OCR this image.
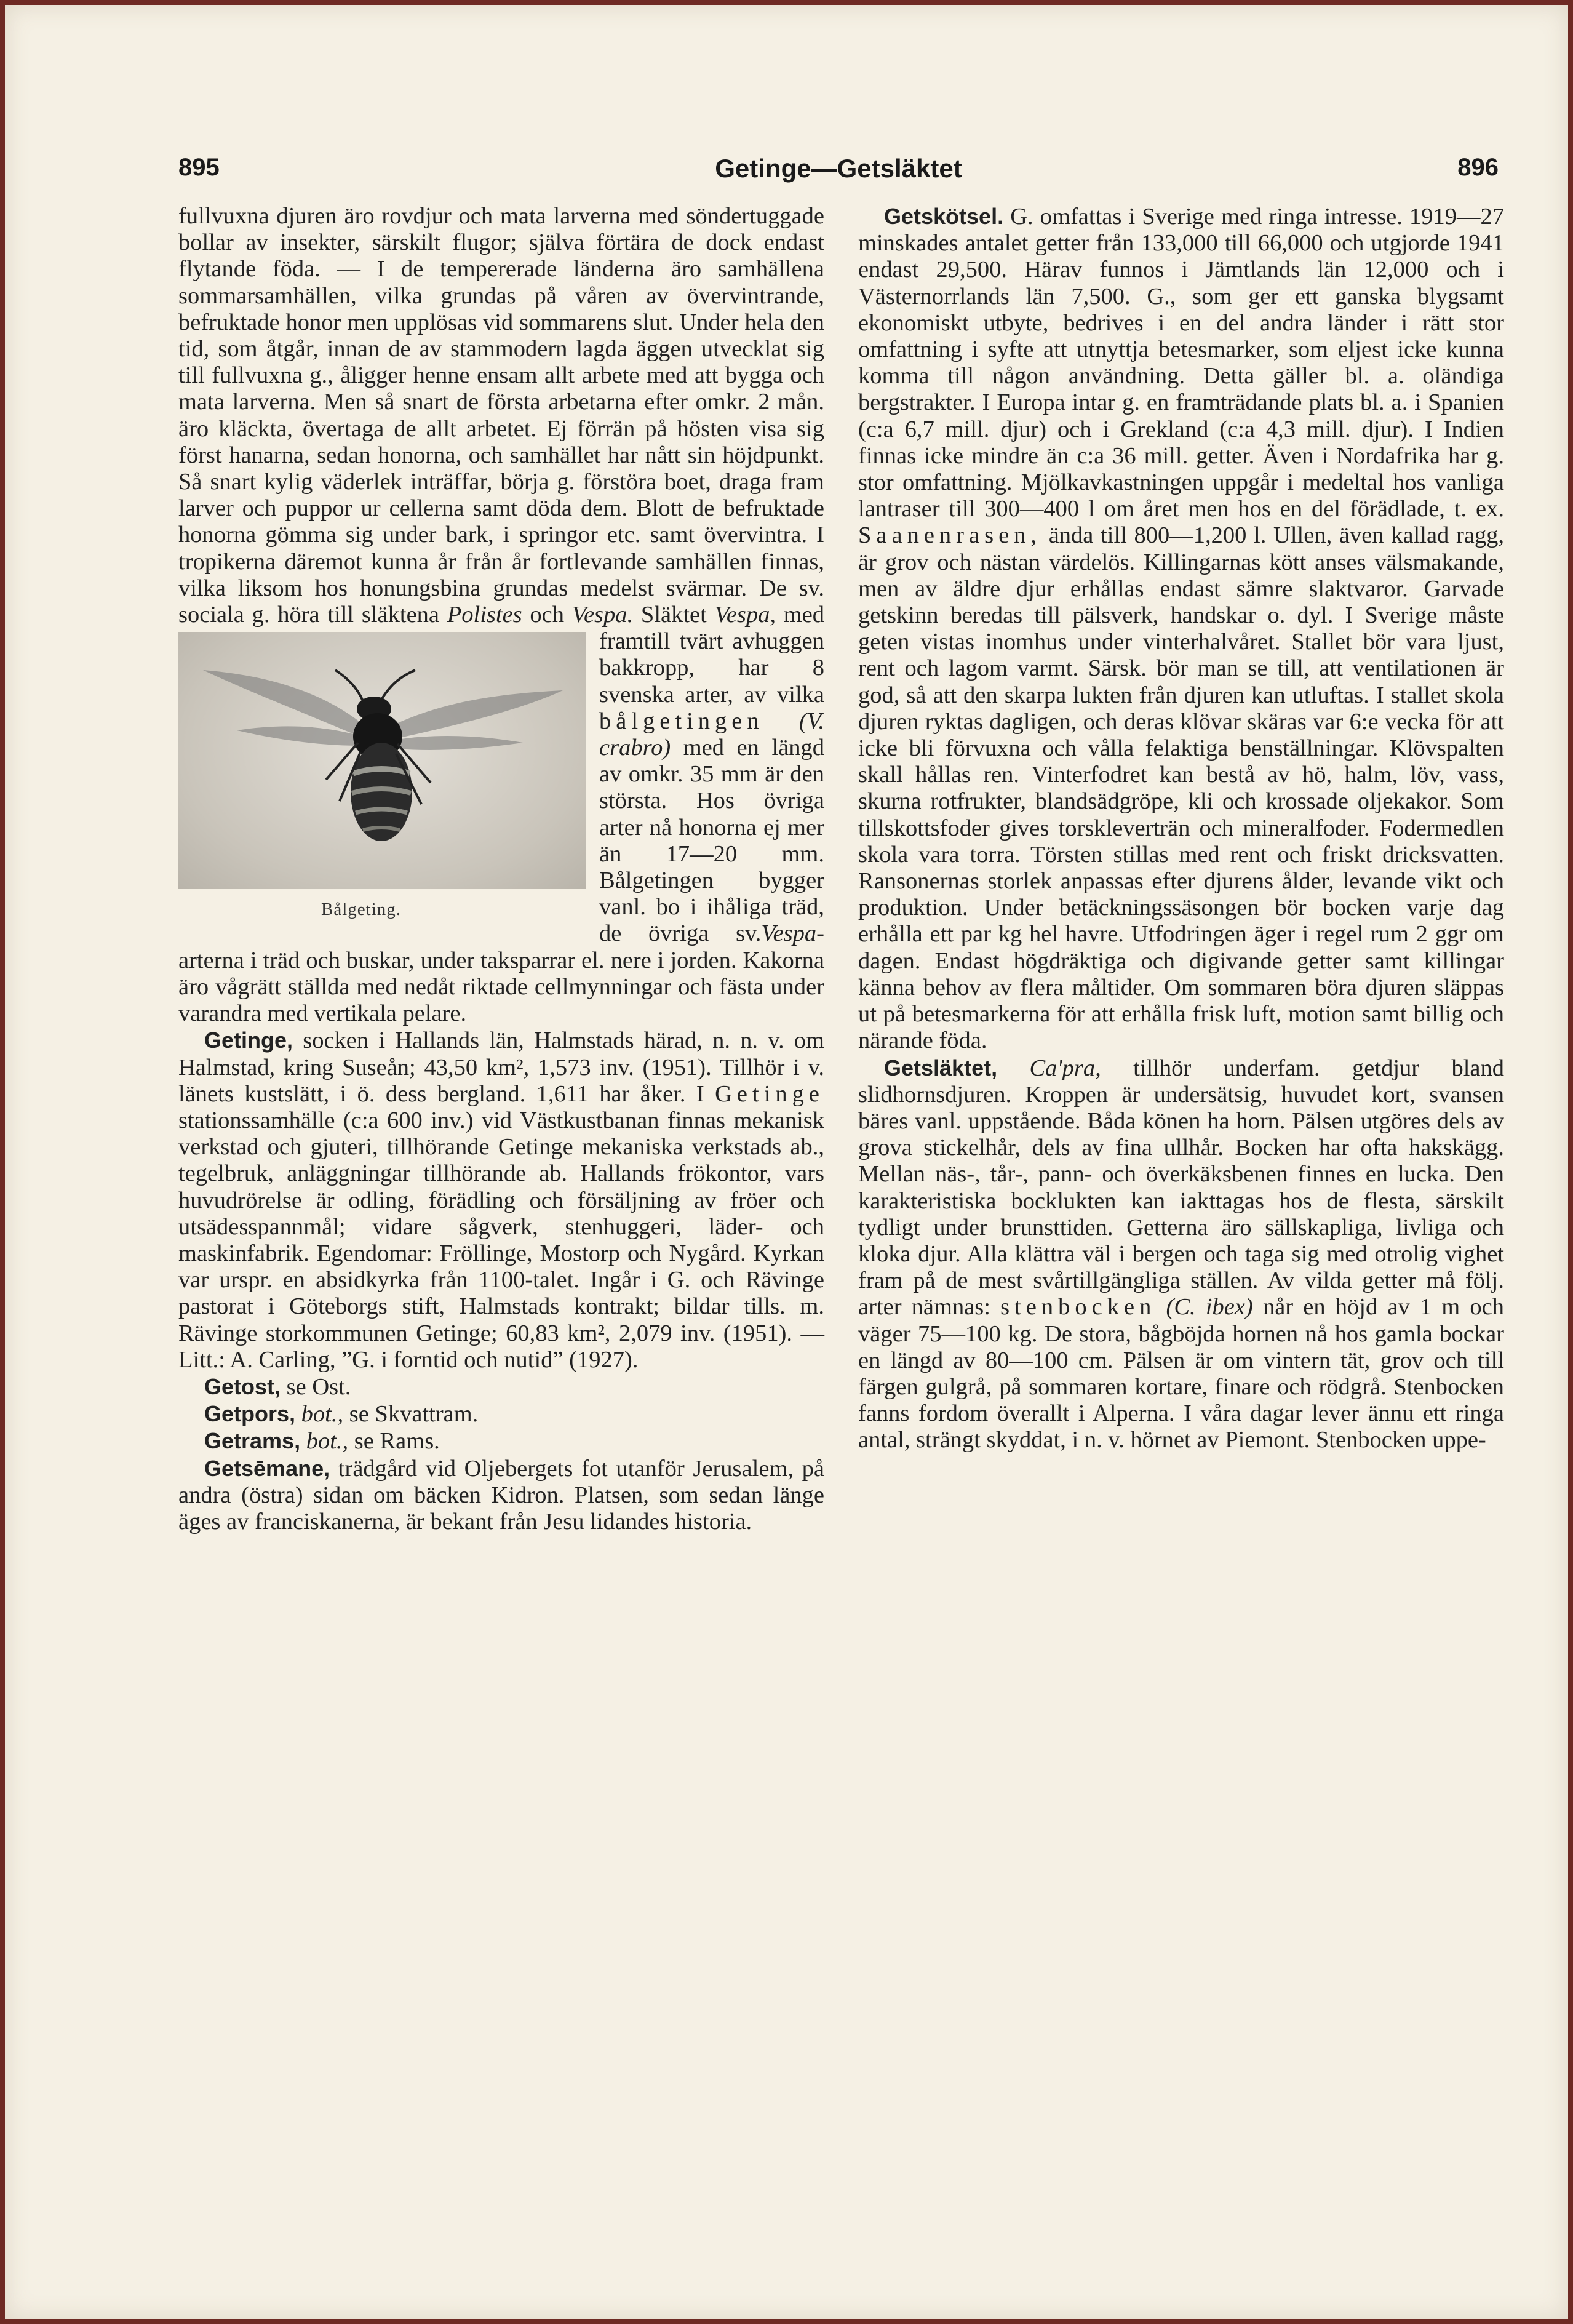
895	Getinge—Getsläktet	896

fullvuxna djuren äro rovdjur och mata larverna med söndertuggade bollar av insekter, särskilt flugor; själva förtära de dock endast flytande föda. — I de tempererade länderna äro samhällena sommarsamhällen, vilka grundas på våren av övervintrande, befruktade honor men upplösas vid sommarens slut. Under hela den tid, som åtgår, innan de av stammodern lagda äggen utvecklat sig till fullvuxna g., åligger henne ensam allt arbete med att bygga och mata larverna. Men så snart de första arbetarna efter omkr. 2 mån. äro kläckta, övertaga de allt arbetet. Ej förrän på hösten visa sig först hanarna, sedan honorna, och samhället har nått sin höjdpunkt. Så snart kylig väderlek inträffar, börja g. förstöra boet, draga fram larver och puppor ur cellerna samt döda dem. Blott de befruktade honorna gömma sig under bark, i springor etc. samt övervintra. I tropikerna däremot kunna år från år fortlevande samhällen finnas, vilka liksom hos honungsbina grundas medelst svärmar. De sv. sociala g. höra till släktena Polistes och Vespa. Släktet Vespa,
Bålgeting.
med framtill tvärt avhuggen bakkropp, har 8 svenska arter, av vilka bålgetingen (V. crabro) med en längd av omkr. 35 mm är den största. Hos övriga arter nå honorna ej mer än 17—20 mm. Bålgetingen bygger vanl. bo i ihåliga träd, de övriga sv.Vespa-arterna i träd och buskar, under taksparrar el. nere i jorden. Kakorna äro vågrätt ställda med nedåt riktade cellmynningar och fästa under varandra med vertikala pelare.

Getinge, socken i Hallands län, Halmstads härad, n. n. v. om Halmstad, kring Suseån; 43,50 km², 1,573 inv. (1951). Tillhör i v. länets kustslätt, i ö. dess bergland. 1,611 har åker. I Getinge stationssamhälle (c:a 600 inv.) vid Västkustbanan finnas mekanisk verkstad och gjuteri, tillhörande Getinge mekaniska verkstads ab., tegelbruk, anläggningar tillhörande ab. Hallands frökontor, vars huvudrörelse är odling, förädling och försäljning av fröer och utsädesspannmål; vidare sågverk, stenhuggeri, läder- och maskinfabrik. Egendomar: Fröllinge, Mostorp och Nygård. Kyrkan var urspr. en absidkyrka från 1100-talet. Ingår i G. och Rävinge pastorat i Göteborgs stift, Halmstads kontrakt; bildar tills. m. Rävinge storkommunen Getinge; 60,83 km², 2,079 inv. (1951). — Litt.: A. Carling, ”G. i forntid och nutid” (1927).

Getost, se Ost.

Getpors, bot., se Skvattram.

Getrams, bot., se Rams.

Getsēmane, trädgård vid Oljebergets fot utanför Jerusalem, på andra (östra) sidan om bäcken Kidron. Platsen, som sedan länge äges av franciskanerna, är bekant från Jesu lidandes historia.

Getskötsel. G. omfattas i Sverige med ringa intresse. 1919—27 minskades antalet getter från 133,000 till 66,000 och utgjorde 1941 endast 29,500. Härav funnos i Jämtlands län 12,000 och i Västernorrlands län 7,500. G., som ger ett ganska blygsamt ekonomiskt utbyte, bedrives i en del andra länder i rätt stor omfattning i syfte att utnyttja betesmarker, som eljest icke kunna komma till någon användning. Detta gäller bl. a. oländiga bergstrakter. I Europa intar g. en framträdande plats bl. a. i Spanien (c:a 6,7 mill. djur) och i Grekland (c:a 4,3 mill. djur). I Indien finnas icke mindre än c:a 36 mill. getter. Även i Nordafrika har g. stor omfattning. Mjölkavkastningen uppgår i medeltal hos vanliga lantraser till 300—400 l om året men hos en del förädlade, t. ex. Saanenrasen, ända till 800—1,200 l. Ullen, även kallad ragg, är grov och nästan värdelös. Killingarnas kött anses välsmakande, men av äldre djur erhållas endast sämre slaktvaror. Garvade getskinn beredas till pälsverk, handskar o. dyl. I Sverige måste geten vistas inomhus under vinterhalvåret. Stallet bör vara ljust, rent och lagom varmt. Särsk. bör man se till, att ventilationen är god, så att den skarpa lukten från djuren kan utluftas. I stallet skola djuren ryktas dagligen, och deras klövar skäras var 6:e vecka för att icke bli förvuxna och vålla felaktiga benställningar. Klövspalten skall hållas ren. Vinterfodret kan bestå av hö, halm, löv, vass, skurna rotfrukter, blandsädgröpe, kli och krossade oljekakor. Som tillskottsfoder gives torskleverträn och mineralfoder. Fodermedlen skola vara torra. Törsten stillas med rent och friskt dricksvatten. Ransonernas storlek anpassas efter djurens ålder, levande vikt och produktion. Under betäckningssäsongen bör bocken varje dag erhålla ett par kg hel havre. Utfodringen äger i regel rum 2 ggr om dagen. Endast högdräktiga och digivande getter samt killingar känna behov av flera måltider. Om sommaren böra djuren släppas ut på betesmarkerna för att erhålla frisk luft, motion samt billig och närande föda.

Getsläktet, Ca'pra, tillhör underfam. getdjur bland slidhornsdjuren. Kroppen är undersätsig, huvudet kort, svansen bäres vanl. uppstående. Båda könen ha horn. Pälsen utgöres dels av grova stickelhår, dels av fina ullhår. Bocken har ofta hakskägg. Mellan näs-, tår-, pann- och överkäksbenen finnes en lucka. Den karakteristiska bocklukten kan iakttagas hos de flesta, särskilt tydligt under brunsttiden. Getterna äro sällskapliga, livliga och kloka djur. Alla klättra väl i bergen och taga sig med otrolig vighet fram på de mest svårtillgängliga ställen. Av vilda getter må följ. arter nämnas: stenbocken (C. ibex) når en höjd av 1 m och väger 75—100 kg. De stora, bågböjda hornen nå hos gamla bockar en längd av 80—100 cm. Pälsen är om vintern tät, grov och till färgen gulgrå, på sommaren kortare, finare och rödgrå. Stenbocken fanns fordom överallt i Alperna. I våra dagar lever ännu ett ringa antal, strängt skyddat, i n. v. hörnet av Piemont. Stenbocken uppe-
